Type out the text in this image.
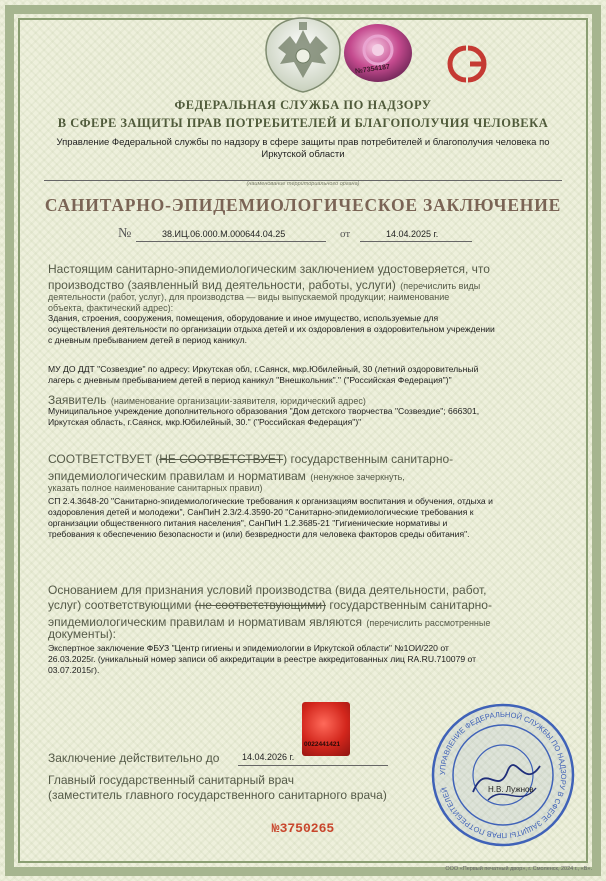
№7354187
ФЕДЕРАЛЬНАЯ СЛУЖБА ПО НАДЗОРУ
В СФЕРЕ ЗАЩИТЫ ПРАВ ПОТРЕБИТЕЛЕЙ И БЛАГОПОЛУЧИЯ ЧЕЛОВЕКА
Управление Федеральной службы по надзору в сфере защиты прав потребителей и благополучия человека по
Иркутской области
(наименование территориального органа)
САНИТАРНО-ЭПИДЕМИОЛОГИЧЕСКОЕ ЗАКЛЮЧЕНИЕ
№	38.ИЦ.06.000.М.000644.04.25	от	14.04.2025 г.
Настоящим санитарно-эпидемиологическим заключением удостоверяется, что
производство (заявленный вид деятельности, работы, услуги) (перечислить виды
деятельности (работ, услуг), для производства — виды выпускаемой продукции; наименование
объекта, фактический адрес):
Здания, строения, сооружения, помещения, оборудование и иное имущество, используемые для
осуществления деятельности по организации отдыха детей и их оздоровления в оздоровительном учреждении
с дневным пребыванием детей в период каникул.
МУ ДО ДДТ "Созвездие" по адресу: Иркутская обл, г.Саянск, мкр.Юбилейный, 30 (летний оздоровительный
лагерь с дневным пребыванием детей в период каникул "Внешкольник"." ("Российская Федерация")"
Заявитель (наименование организации-заявителя, юридический адрес)
Муниципальное учреждение дополнительного образования "Дом детского творчества "Созвездие"; 666301,
Иркутская область, г.Саянск, мкр.Юбилейный, 30." ("Российская Федерация")"
СООТВЕТСТВУЕТ (НЕ СООТВЕТСТВУЕТ) государственным санитарно-
эпидемиологическим правилам и нормативам (ненужное зачеркнуть,
указать полное наименование санитарных правил)
СП 2.4.3648-20 "Санитарно-эпидемиологические требования к организациям воспитания и обучения, отдыха и
оздоровления детей и молодежи", СанПиН 2.3/2.4.3590-20 "Санитарно-эпидемиологические требования к
организации общественного питания населения", СанПиН 1.2.3685-21 "Гигиенические нормативы и
требования к обеспечению безопасности и (или) безвредности для человека факторов среды обитания".
Основанием для признания условий производства (вида деятельности, работ,
услуг) соответствующими (не соответствующими) государственным санитарно-
эпидемиологическим правилам и нормативам являются (перечислить рассмотренные
документы):
Экспертное заключение ФБУЗ "Центр гигиены и эпидемиологии в Иркутской области" №1ОИ/220 от
26.03.2025г. (уникальный номер записи об аккредитации в реестре аккредитованных лиц RA.RU.710079 от
03.07.2015г).
0022441421
Заключение действительно до	14.04.2026 г.
Главный государственный санитарный врач
(заместитель главного государственного санитарного врача)
УПРАВЛЕНИЕ ФЕДЕРАЛЬНОЙ СЛУЖБЫ ПО НАДЗОРУ В СФЕРЕ ЗАЩИТЫ ПРАВ ПОТРЕБИТЕЛЕЙ	Н.В. Лужнов
№3750265
ООО «Первый печатный двор», г. Смоленск, 2024 г., «В».
